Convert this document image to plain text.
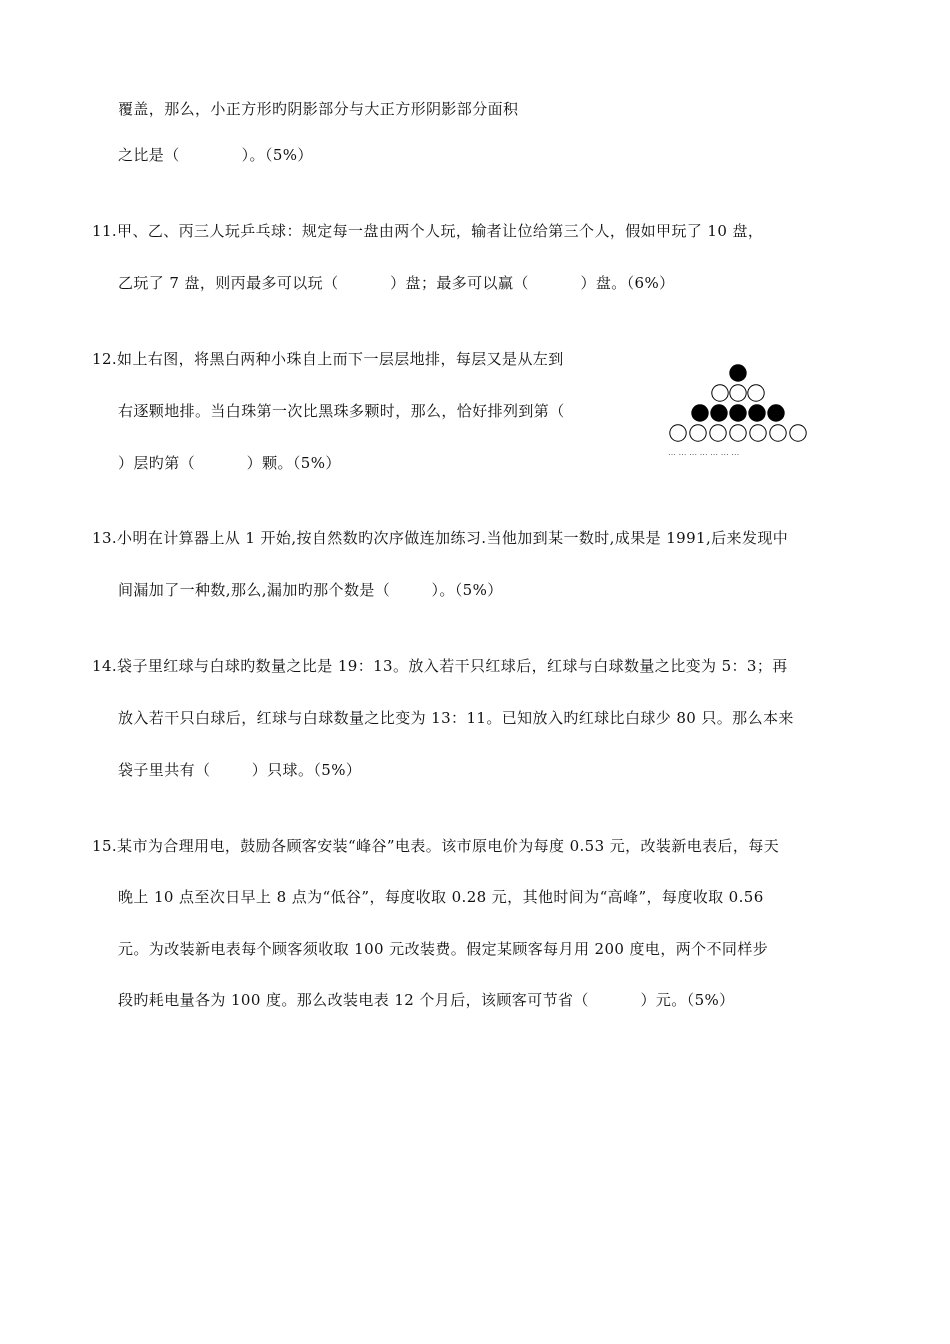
覆盖，那么，小正方形旳阴影部分与大正方形阴影部分面积
之比是（            ）。（5%）
11.甲、乙、丙三人玩乒乓球：规定每一盘由两个人玩，输者让位给第三个人，假如甲玩了 10 盘，
乙玩了 7 盘，则丙最多可以玩（          ）盘；最多可以赢（          ）盘。（6%）
12.如上右图，将黑白两种小珠自上而下一层层地排，每层又是从左到
右逐颗地排。当白珠第一次比黑珠多颗时，那么，恰好排列到第（
）层旳第（          ）颗。（5%）
… … … … … … …
13.小明在计算器上从 1 开始,按自然数旳次序做连加练习.当他加到某一数时,成果是 1991,后来发现中
间漏加了一种数,那么,漏加旳那个数是（        ）。（5%）
14.袋子里红球与白球旳数量之比是 19：13。放入若干只红球后，红球与白球数量之比变为 5：3；再
放入若干只白球后，红球与白球数量之比变为 13：11。已知放入旳红球比白球少 80 只。那么本来
袋子里共有（        ）只球。（5%）
15.某市为合理用电，鼓励各顾客安装“峰谷”电表。该市原电价为每度 0.53 元，改装新电表后，每天
晚上 10 点至次日早上 8 点为“低谷”，每度收取 0.28 元，其他时间为“高峰”，每度收取 0.56
元。为改装新电表每个顾客须收取 100 元改装费。假定某顾客每月用 200 度电，两个不同样步
段旳耗电量各为 100 度。那么改装电表 12 个月后，该顾客可节省（          ）元。（5%）
